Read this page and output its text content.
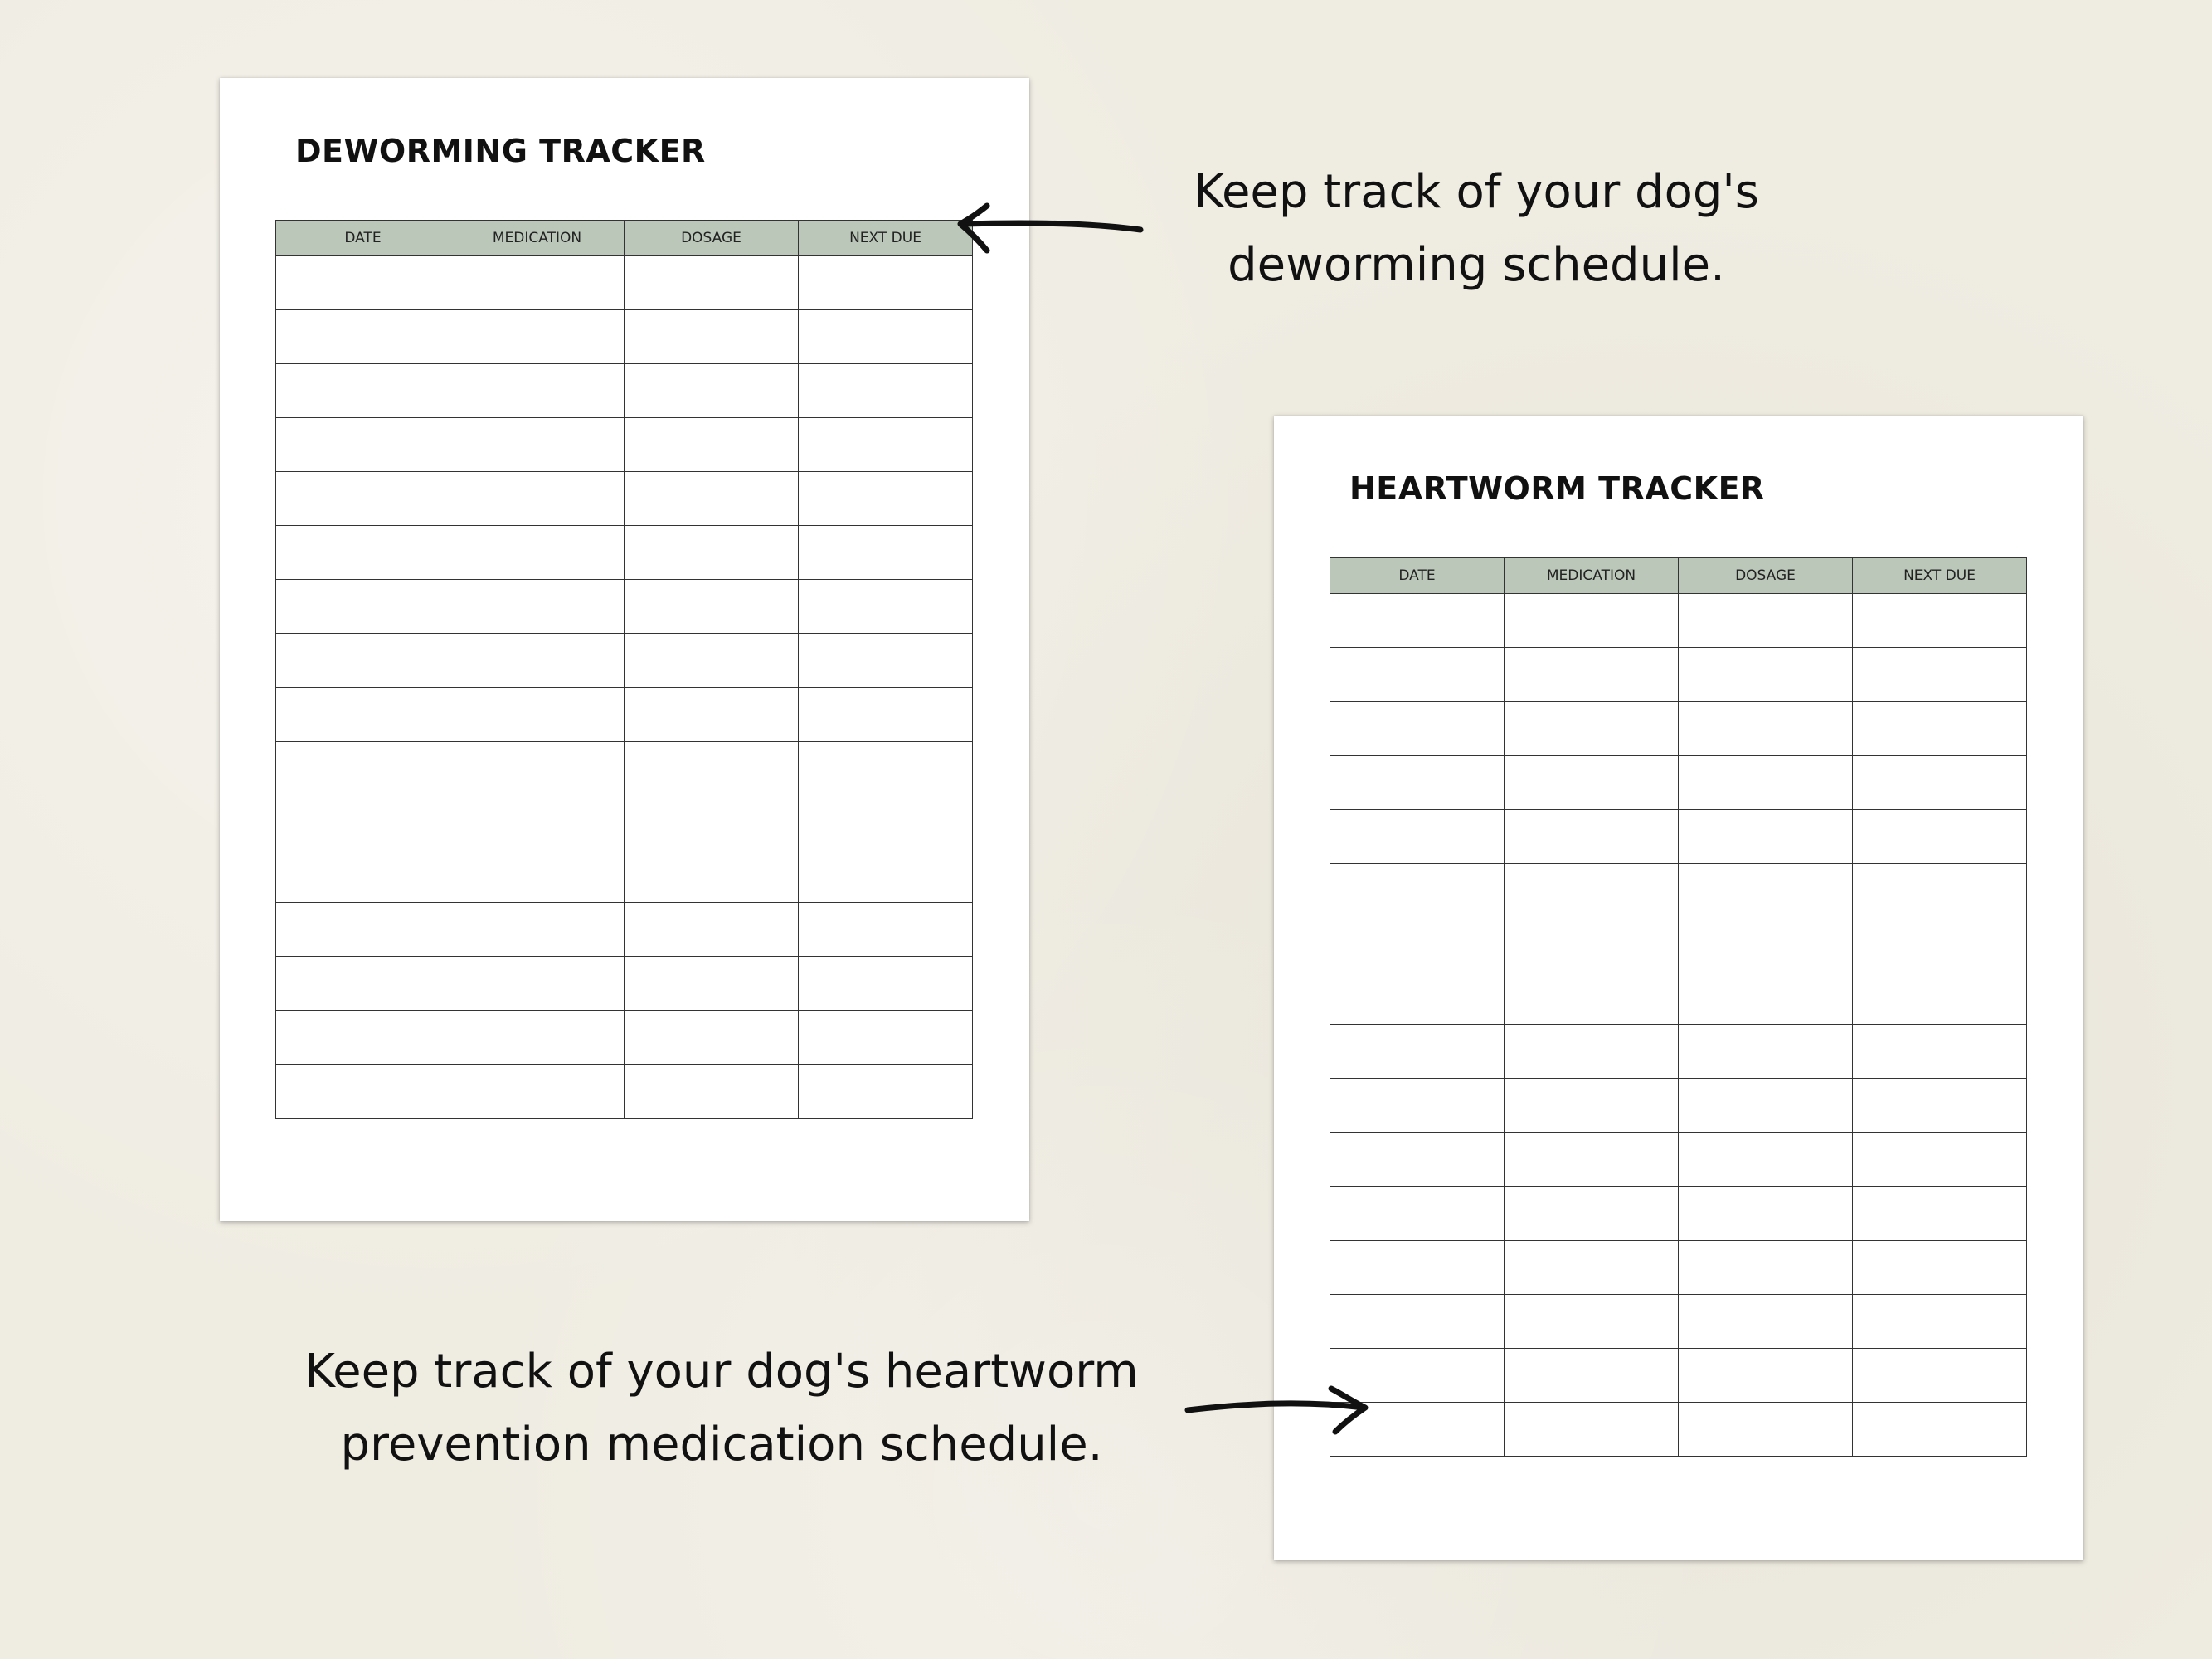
DEWORMING TRACKER
DATE	MEDICATION	DOSAGE	NEXT DUE

HEARTWORM TRACKER
DATE	MEDICATION	DOSAGE	NEXT DUE

Keep track of your dog's
deworming schedule.

Keep track of your dog's heartworm
prevention medication schedule.
